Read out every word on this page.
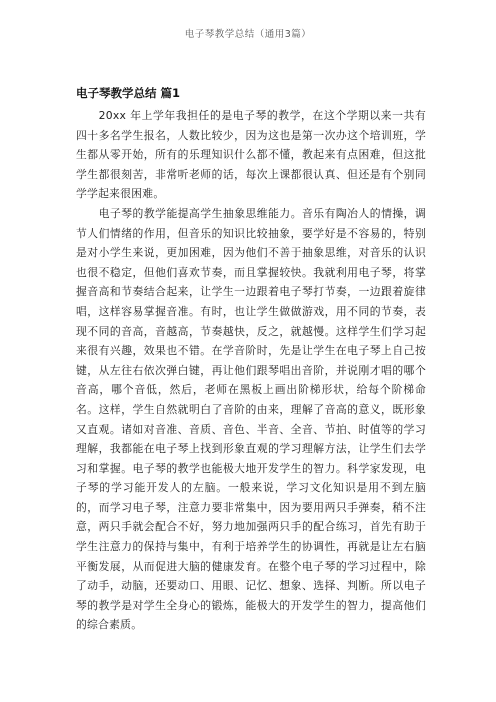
电子琴教学总结（通用3篇）
电子琴教学总结 篇1

20xx 年上学年我担任的是电子琴的教学，在这个学期以来一共有四十多名学生报名，人数比较少，因为这也是第一次办这个培训班，学生都从零开始，所有的乐理知识什么都不懂，教起来有点困难，但这批学生都很刻苦，非常听老师的话，每次上课都很认真、但还是有个别同学学起来很困难。

电子琴的教学能提高学生抽象思维能力。音乐有陶冶人的情操，调节人们情绪的作用，但音乐的知识比较抽象，要学好是不容易的，特别是对小学生来说，更加困难，因为他们不善于抽象思维，对音乐的认识也很不稳定，但他们喜欢节奏，而且掌握较快。我就利用电子琴，将掌握音高和节奏结合起来，让学生一边跟着电子琴打节奏，一边跟着旋律唱，这样容易掌握音准。有时，也让学生做做游戏，用不同的节奏，表现不同的音高，音越高，节奏越快，反之，就越慢。这样学生们学习起来很有兴趣，效果也不错。在学音阶时，先是让学生在电子琴上自己按键，从左往右依次弹白键，再让他们跟琴唱出音阶，并说刚才唱的哪个音高，哪个音低，然后，老师在黑板上画出阶梯形状，给每个阶梯命名。这样，学生自然就明白了音阶的由来，理解了音高的意义，既形象又直观。诸如对音准、音质、音色、半音、全音、节拍、时值等的学习理解，我都能在电子琴上找到形象直观的学习理解方法，让学生们去学习和掌握。电子琴的教学也能极大地开发学生的智力。科学家发现，电子琴的学习能开发人的左脑。一般来说，学习文化知识是用不到左脑的，而学习电子琴，注意力要非常集中，因为要用两只手弹奏，稍不注意，两只手就会配合不好，努力地加强两只手的配合练习，首先有助于学生注意力的保持与集中，有利于培养学生的协调性，再就是让左右脑平衡发展，从而促进大脑的健康发育。在整个电子琴的学习过程中，除了动手，动脑，还要动口、用眼、记忆、想象、选择、判断。所以电子琴的教学是对学生全身心的锻炼，能极大的开发学生的智力，提高他们的综合素质。
